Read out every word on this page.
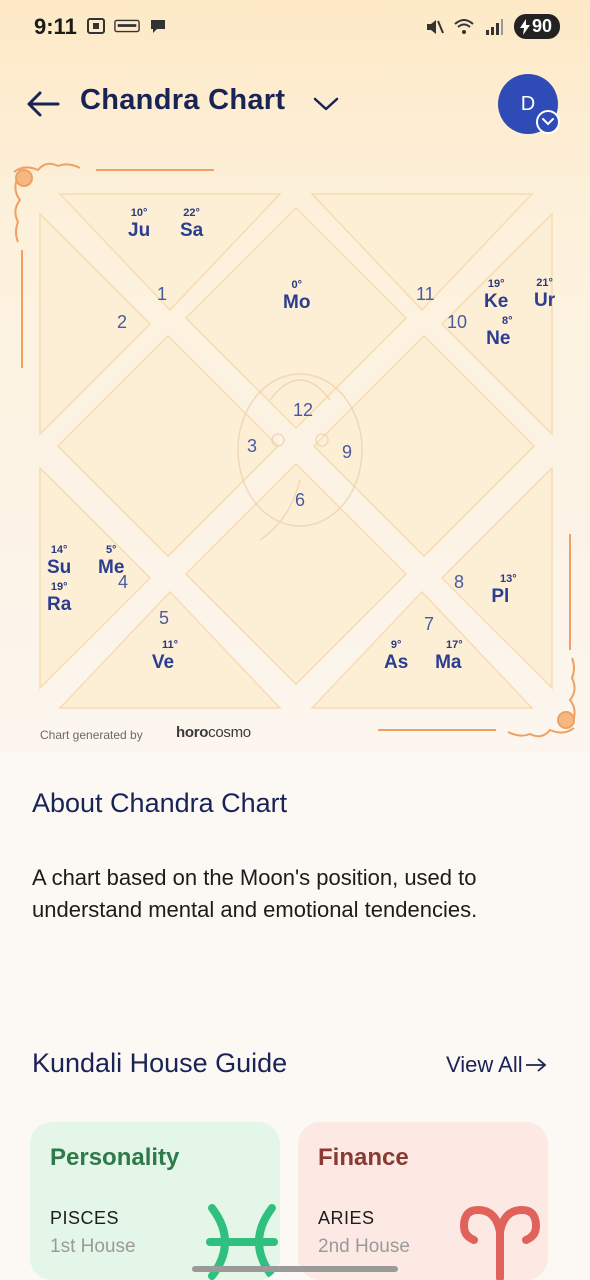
9:11	90
Chandra Chart	D
1
2
3
4
5
6
7
8
9
10
11
12
10°
Ju
22°
Sa
0°
Mo
19°
Ke
21°
Ur
8°
Ne
14°
Su
5°
Me
19°
Ra
11°
Ve
9°
As
17°
Ma
13°
Pl
Chart generated by horocosmo
About Chandra Chart
A chart based on the Moon's position, used to understand mental and emotional tendencies.
Kundali House Guide	View All
Personality
PISCES
1st House
Finance
ARIES
2nd House
